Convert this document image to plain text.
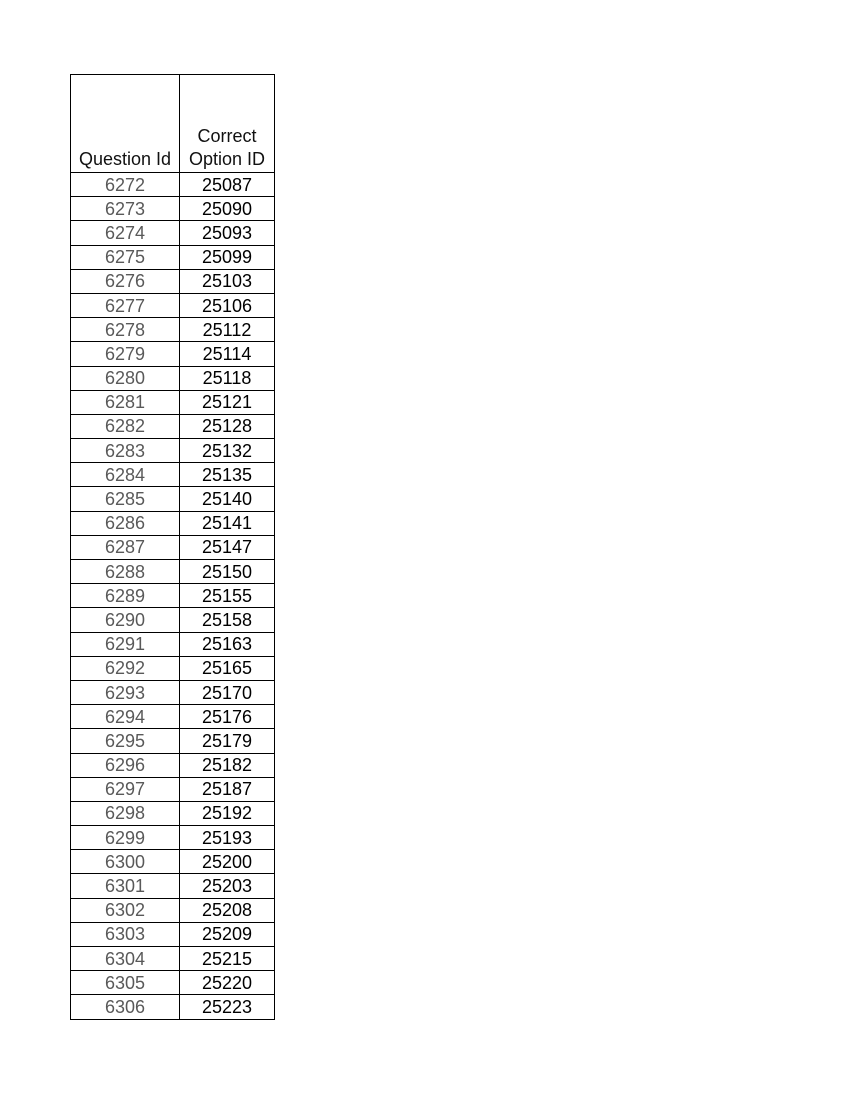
Question Id	Correct
Option ID

6272	25087
6273	25090
6274	25093
6275	25099
6276	25103
6277	25106
6278	25112
6279	25114
6280	25118
6281	25121
6282	25128
6283	25132
6284	25135
6285	25140
6286	25141
6287	25147
6288	25150
6289	25155
6290	25158
6291	25163
6292	25165
6293	25170
6294	25176
6295	25179
6296	25182
6297	25187
6298	25192
6299	25193
6300	25200
6301	25203
6302	25208
6303	25209
6304	25215
6305	25220
6306	25223
